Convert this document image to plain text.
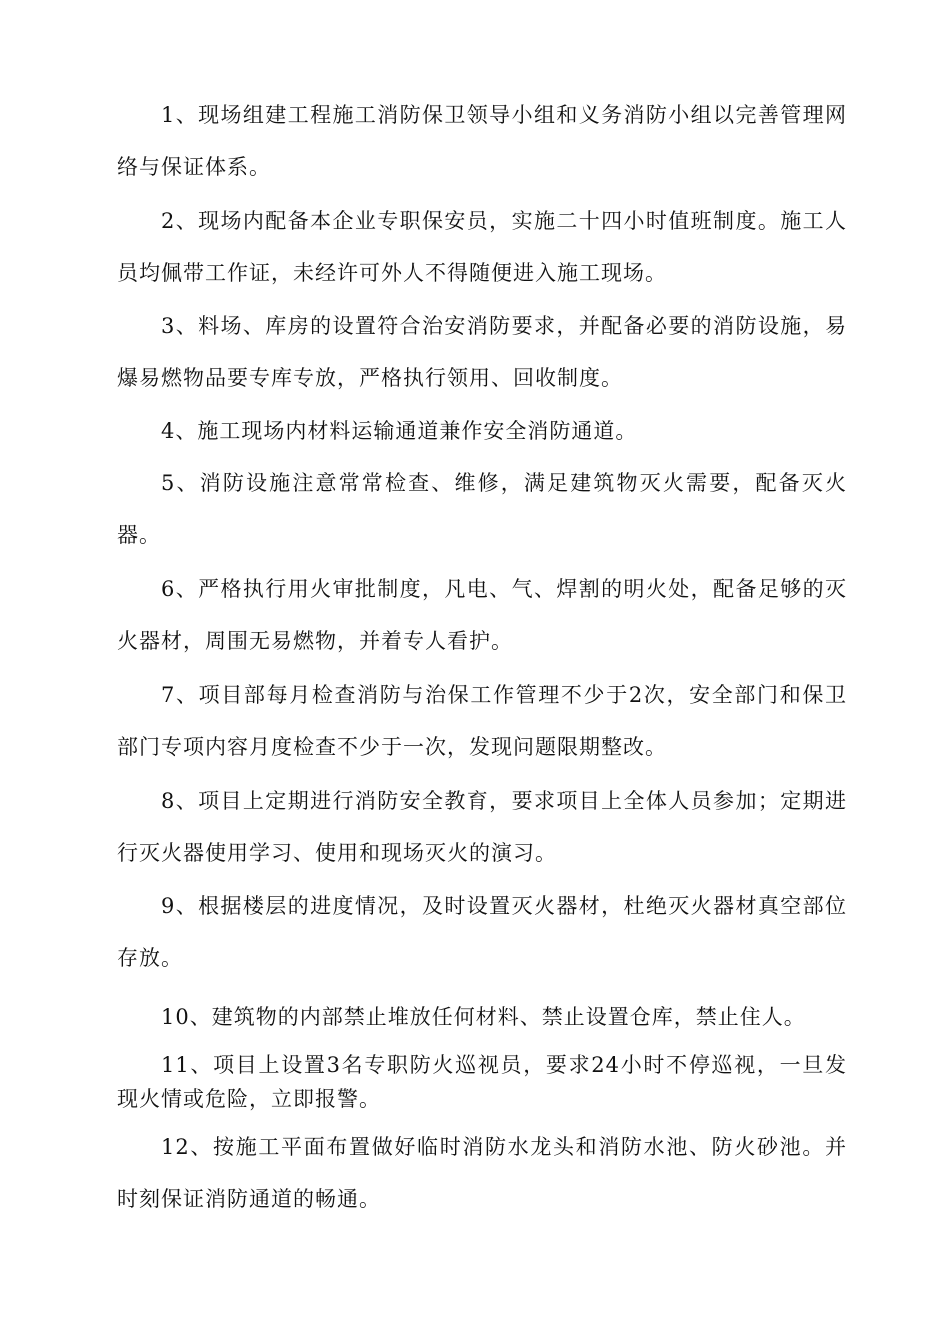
1、现场组建工程施工消防保卫领导小组和义务消防小组以完善管理网络与保证体系。

2、现场内配备本企业专职保安员，实施二十四小时值班制度。施工人员均佩带工作证，未经许可外人不得随便进入施工现场。

3、料场、库房的设置符合治安消防要求，并配备必要的消防设施，易爆易燃物品要专库专放，严格执行领用、回收制度。

4、施工现场内材料运输通道兼作安全消防通道。

5、消防设施注意常常检查、维修，满足建筑物灭火需要，配备灭火器。

6、严格执行用火审批制度，凡电、气、焊割的明火处，配备足够的灭火器材，周围无易燃物，并着专人看护。

7、项目部每月检查消防与治保工作管理不少于2次，安全部门和保卫部门专项内容月度检查不少于一次，发现问题限期整改。

8、项目上定期进行消防安全教育，要求项目上全体人员参加；定期进行灭火器使用学习、使用和现场灭火的演习。

9、根据楼层的进度情况，及时设置灭火器材，杜绝灭火器材真空部位存放。

10、建筑物的内部禁止堆放任何材料、禁止设置仓库，禁止住人。

11、项目上设置3名专职防火巡视员，要求24小时不停巡视，一旦发现火情或危险，立即报警。

12、按施工平面布置做好临时消防水龙头和消防水池、防火砂池。并时刻保证消防通道的畅通。
